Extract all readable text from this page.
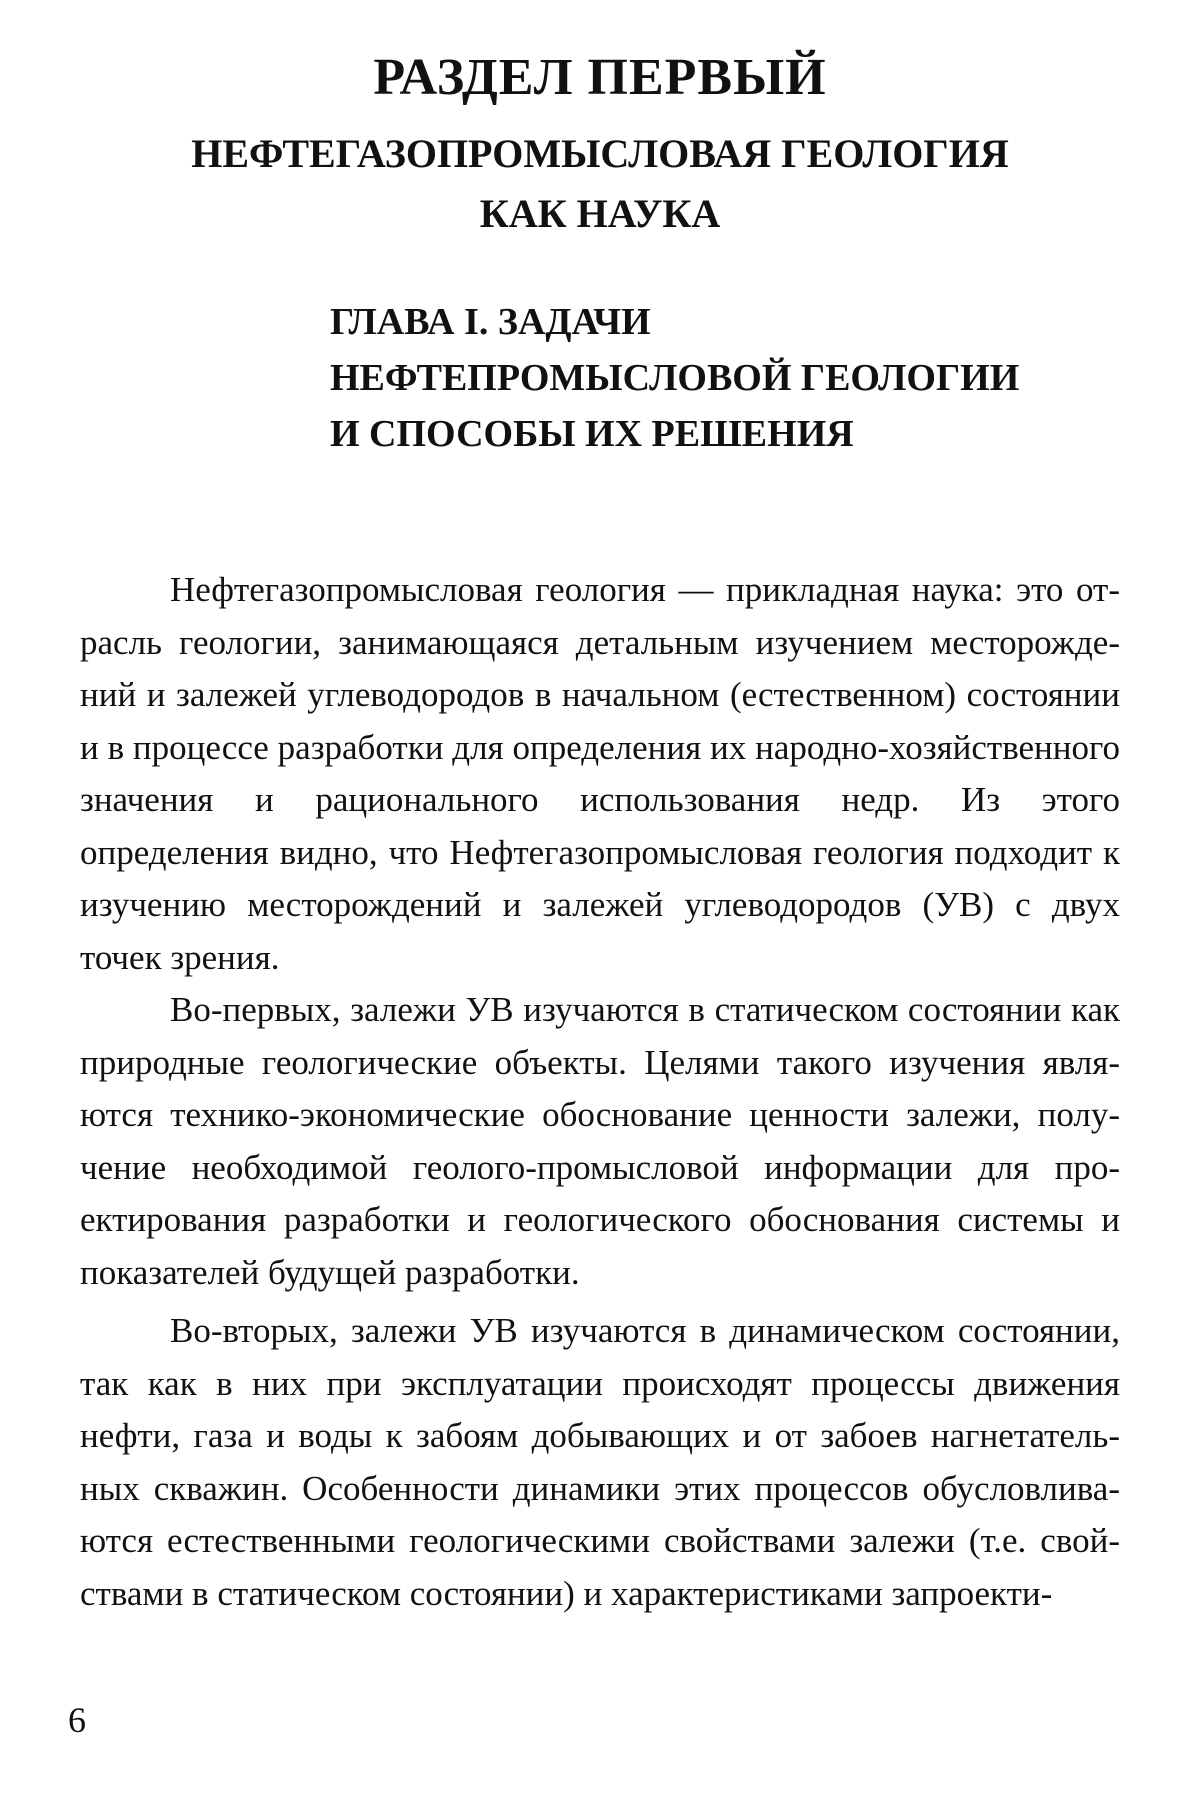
РАЗДЕЛ ПЕРВЫЙ
НЕФТЕГАЗОПРОМЫСЛОВАЯ ГЕОЛОГИЯ
КАК НАУКА
ГЛАВА I. ЗАДАЧИ
НЕФТЕПРОМЫСЛОВОЙ ГЕОЛОГИИ
И СПОСОБЫ ИХ РЕШЕНИЯ

Нефтегазопромысловая геология — прикладная наука: это отрасль геологии, занимающаяся детальным изучением месторождений и залежей углеводородов в начальном (естественном) состоянии и в процессе разработки для определения их народно-хозяйственного значения и рационального использования недр. Из этого определения видно, что Нефтегазопромысловая геология подходит к изучению месторождений и залежей углеводородов (УВ) с двух точек зрения.

Во-первых, залежи УВ изучаются в статическом состоянии как природные геологические объекты. Целями такого изучения являются технико-экономические обоснование ценности залежи, получение необходимой геолого-промысловой информации для проектирования разработки и геологического обоснования системы и показателей будущей разработки.

Во-вторых, залежи УВ изучаются в динамическом состоянии, так как в них при эксплуатации происходят процессы движения нефти, газа и воды к забоям добывающих и от забоев нагнетательных скважин. Особенности динамики этих процессов обусловливаются естественными геологическими свойствами залежи (т.е. свойствами в статическом состоянии) и характеристиками запроекти-

6
